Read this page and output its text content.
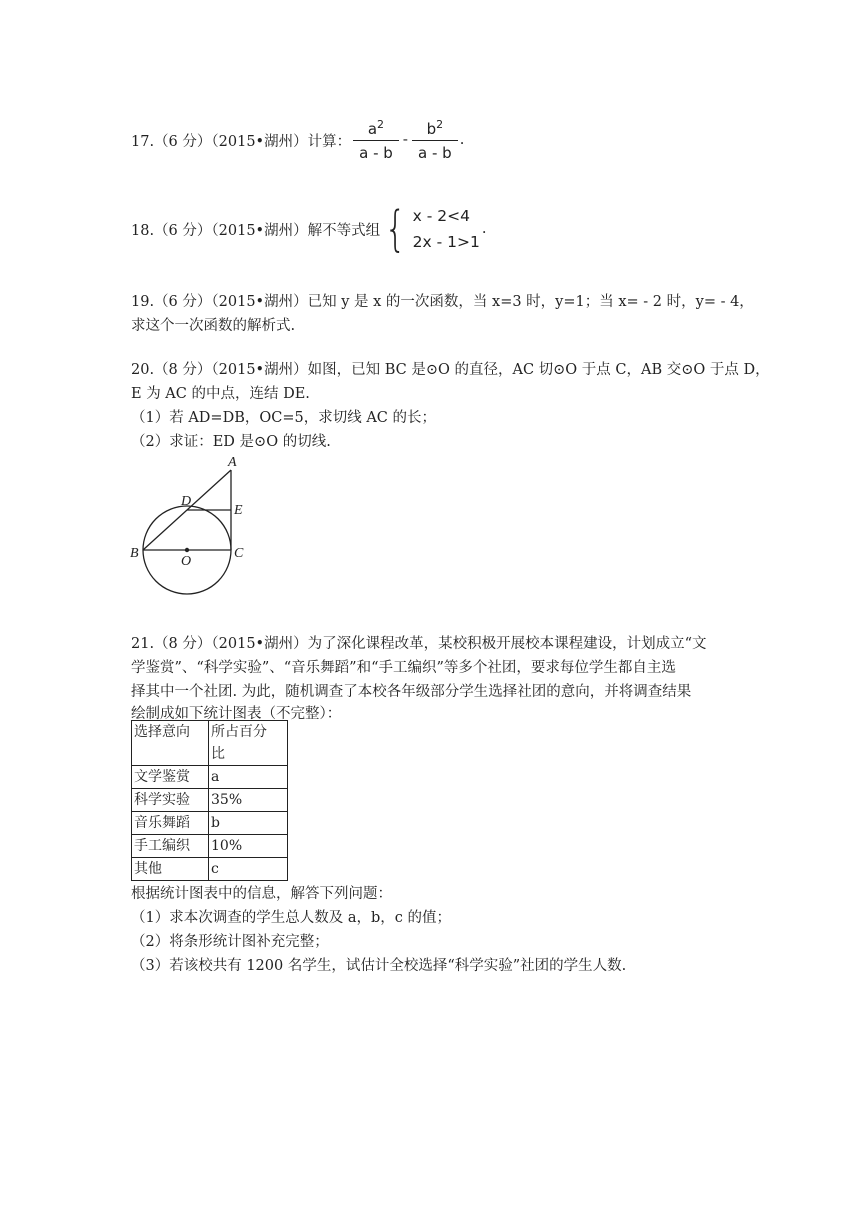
17.（6 分）（2015•湖州）计算： $\frac{a^2}{a - b} - \frac{b^2}{a - b}$ .
18.（6 分）（2015•湖州）解不等式组 { x - 2<4
2x - 1>1
.
19.（6 分）（2015•湖州）已知 y 是 x 的一次函数，当 x=3 时，y=1；当 x= - 2 时，y= - 4，
求这个一次函数的解析式.
20.（8 分）（2015•湖州）如图，已知 BC 是⊙O 的直径，AC 切⊙O 于点 C，AB 交⊙O 于点 D，
E 为 AC 的中点，连结 DE.
（1）若 AD=DB，OC=5，求切线 AC 的长；
（2）求证：ED 是⊙O 的切线.
A
B	C
D
E
O
21.（8 分）（2015•湖州）为了深化课程改革，某校积极开展校本课程建设，计划成立“文
学鉴赏”、“科学实验”、“音乐舞蹈”和“手工编织”等多个社团，要求每位学生都自主选
择其中一个社团. 为此，随机调查了本校各年级部分学生选择社团的意向，并将调查结果
绘制成如下统计图表（不完整）：
选择意向	所占百分
比

文学鉴赏	a
科学实验	35%
音乐舞蹈	b
手工编织	10%
其他	c
根据统计图表中的信息，解答下列问题：
（1）求本次调查的学生总人数及 a，b，c 的值；
（2）将条形统计图补充完整；
（3）若该校共有 1200 名学生，试估计全校选择“科学实验”社团的学生人数.
